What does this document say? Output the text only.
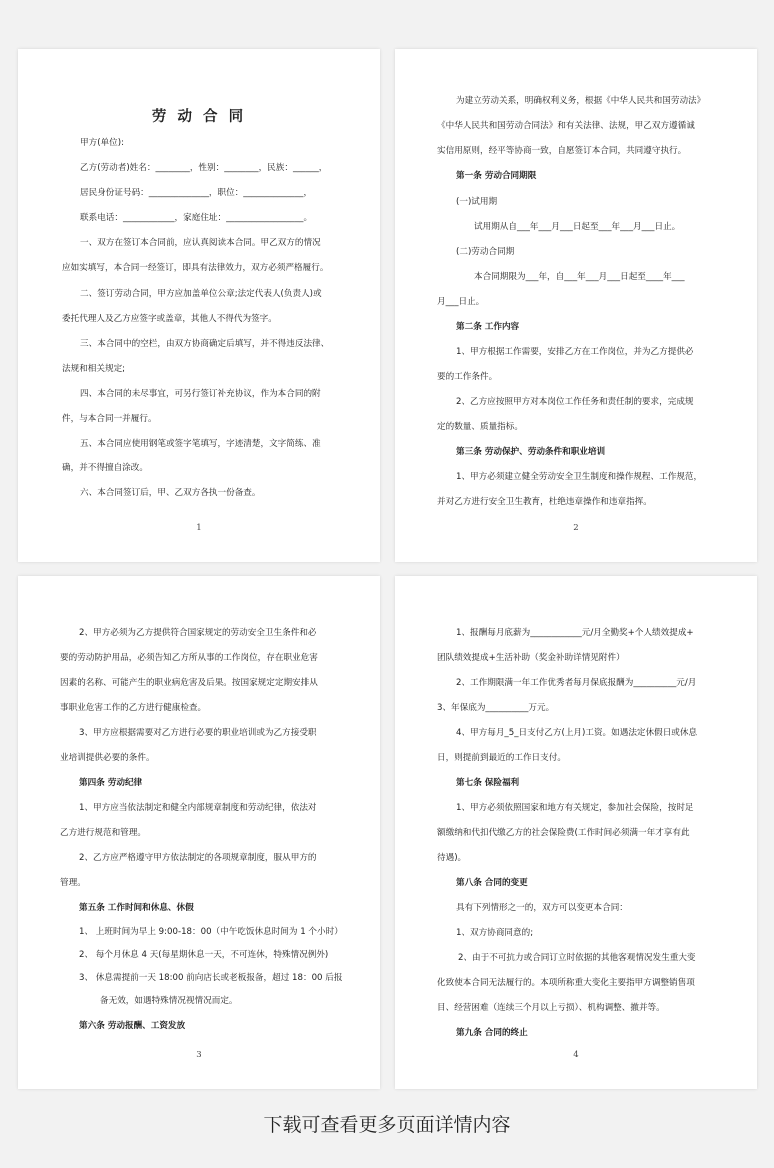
劳 动 合 同
甲方(单位):
乙方(劳动者)姓名：________，性别：________，民族：______，
居民身份证号码：______________，职位：______________，
联系电话：____________，家庭住址：__________________。
一、双方在签订本合同前，应认真阅读本合同。甲乙双方的情况
应如实填写，本合同一经签订，即具有法律效力，双方必须严格履行。
二、签订劳动合同，甲方应加盖单位公章;法定代表人(负责人)或
委托代理人及乙方应签字或盖章，其他人不得代为签字。
三、本合同中的空栏，由双方协商确定后填写，并不得违反法律、
法规和相关规定;
四、本合同的未尽事宜，可另行签订补充协议，作为本合同的附
件，与本合同一并履行。
五、本合同应使用钢笔或签字笔填写，字迹清楚，文字简练、准
确，并不得擅自涂改。
六、本合同签订后，甲、乙双方各执一份备查。
1
为建立劳动关系，明确权利义务，根据《中华人民共和国劳动法》
《中华人民共和国劳动合同法》和有关法律、法规，甲乙双方遵循诚
实信用原则，经平等协商一致，自愿签订本合同，共同遵守执行。
第一条 劳动合同期限
(一)试用期
试用期从自___年___月___日起至___年___月___日止。
(二)劳动合同期
本合同期限为___年，自___年___月___日起至____年___
月___日止。
第二条 工作内容
1、甲方根据工作需要，安排乙方在工作岗位，并为乙方提供必
要的工作条件。
2、乙方应按照甲方对本岗位工作任务和责任制的要求，完成规
定的数量、质量指标。
第三条 劳动保护、劳动条件和职业培训
1、甲方必须建立健全劳动安全卫生制度和操作规程、工作规范，
并对乙方进行安全卫生教育，杜绝违章操作和违章指挥。
2
2、甲方必须为乙方提供符合国家规定的劳动安全卫生条件和必
要的劳动防护用品，必须告知乙方所从事的工作岗位，存在职业危害
因素的名称、可能产生的职业病危害及后果。按国家规定定期安排从
事职业危害工作的乙方进行健康检查。
3、甲方应根据需要对乙方进行必要的职业培训或为乙方接受职
业培训提供必要的条件。
第四条 劳动纪律
1、甲方应当依法制定和健全内部规章制度和劳动纪律，依法对
乙方进行规范和管理。
2、乙方应严格遵守甲方依法制定的各项规章制度，服从甲方的
管理。
第五条 工作时间和休息、休假
1、 上班时间为早上 9:00-18：00（中午吃饭休息时间为 1 个小时）
2、 每个月休息 4 天(每星期休息一天，不可连休，特殊情况例外)
3、 休息需提前一天 18:00 前向店长或老板报备，超过 18：00 后报
备无效，如遇特殊情况视情况而定。
第六条 劳动报酬、工资发放
3
1、报酬每月底薪为____________元/月全勤奖+个人绩效提成+
团队绩效提成+生活补助（奖金补助详情见附件）
2、工作期限满一年工作优秀者每月保底报酬为__________元/月
3、年保底为__________万元。
4、甲方每月_5_日支付乙方(上月)工资。如遇法定休假日或休息
日，则提前到最近的工作日支付。
第七条 保险福利
1、甲方必须依照国家和地方有关规定，参加社会保险，按时足
额缴纳和代扣代缴乙方的社会保险费(工作时间必须满一年才享有此
待遇)。
第八条 合同的变更
具有下列情形之一的，双方可以变更本合同：
1、双方协商同意的;
2、由于不可抗力或合同订立时依据的其他客观情况发生重大变
化致使本合同无法履行的。本项所称重大变化主要指甲方调整销售项
目、经营困难（连续三个月以上亏损）、机构调整、撤并等。
第九条 合同的终止
4
下载可查看更多页面详情内容
